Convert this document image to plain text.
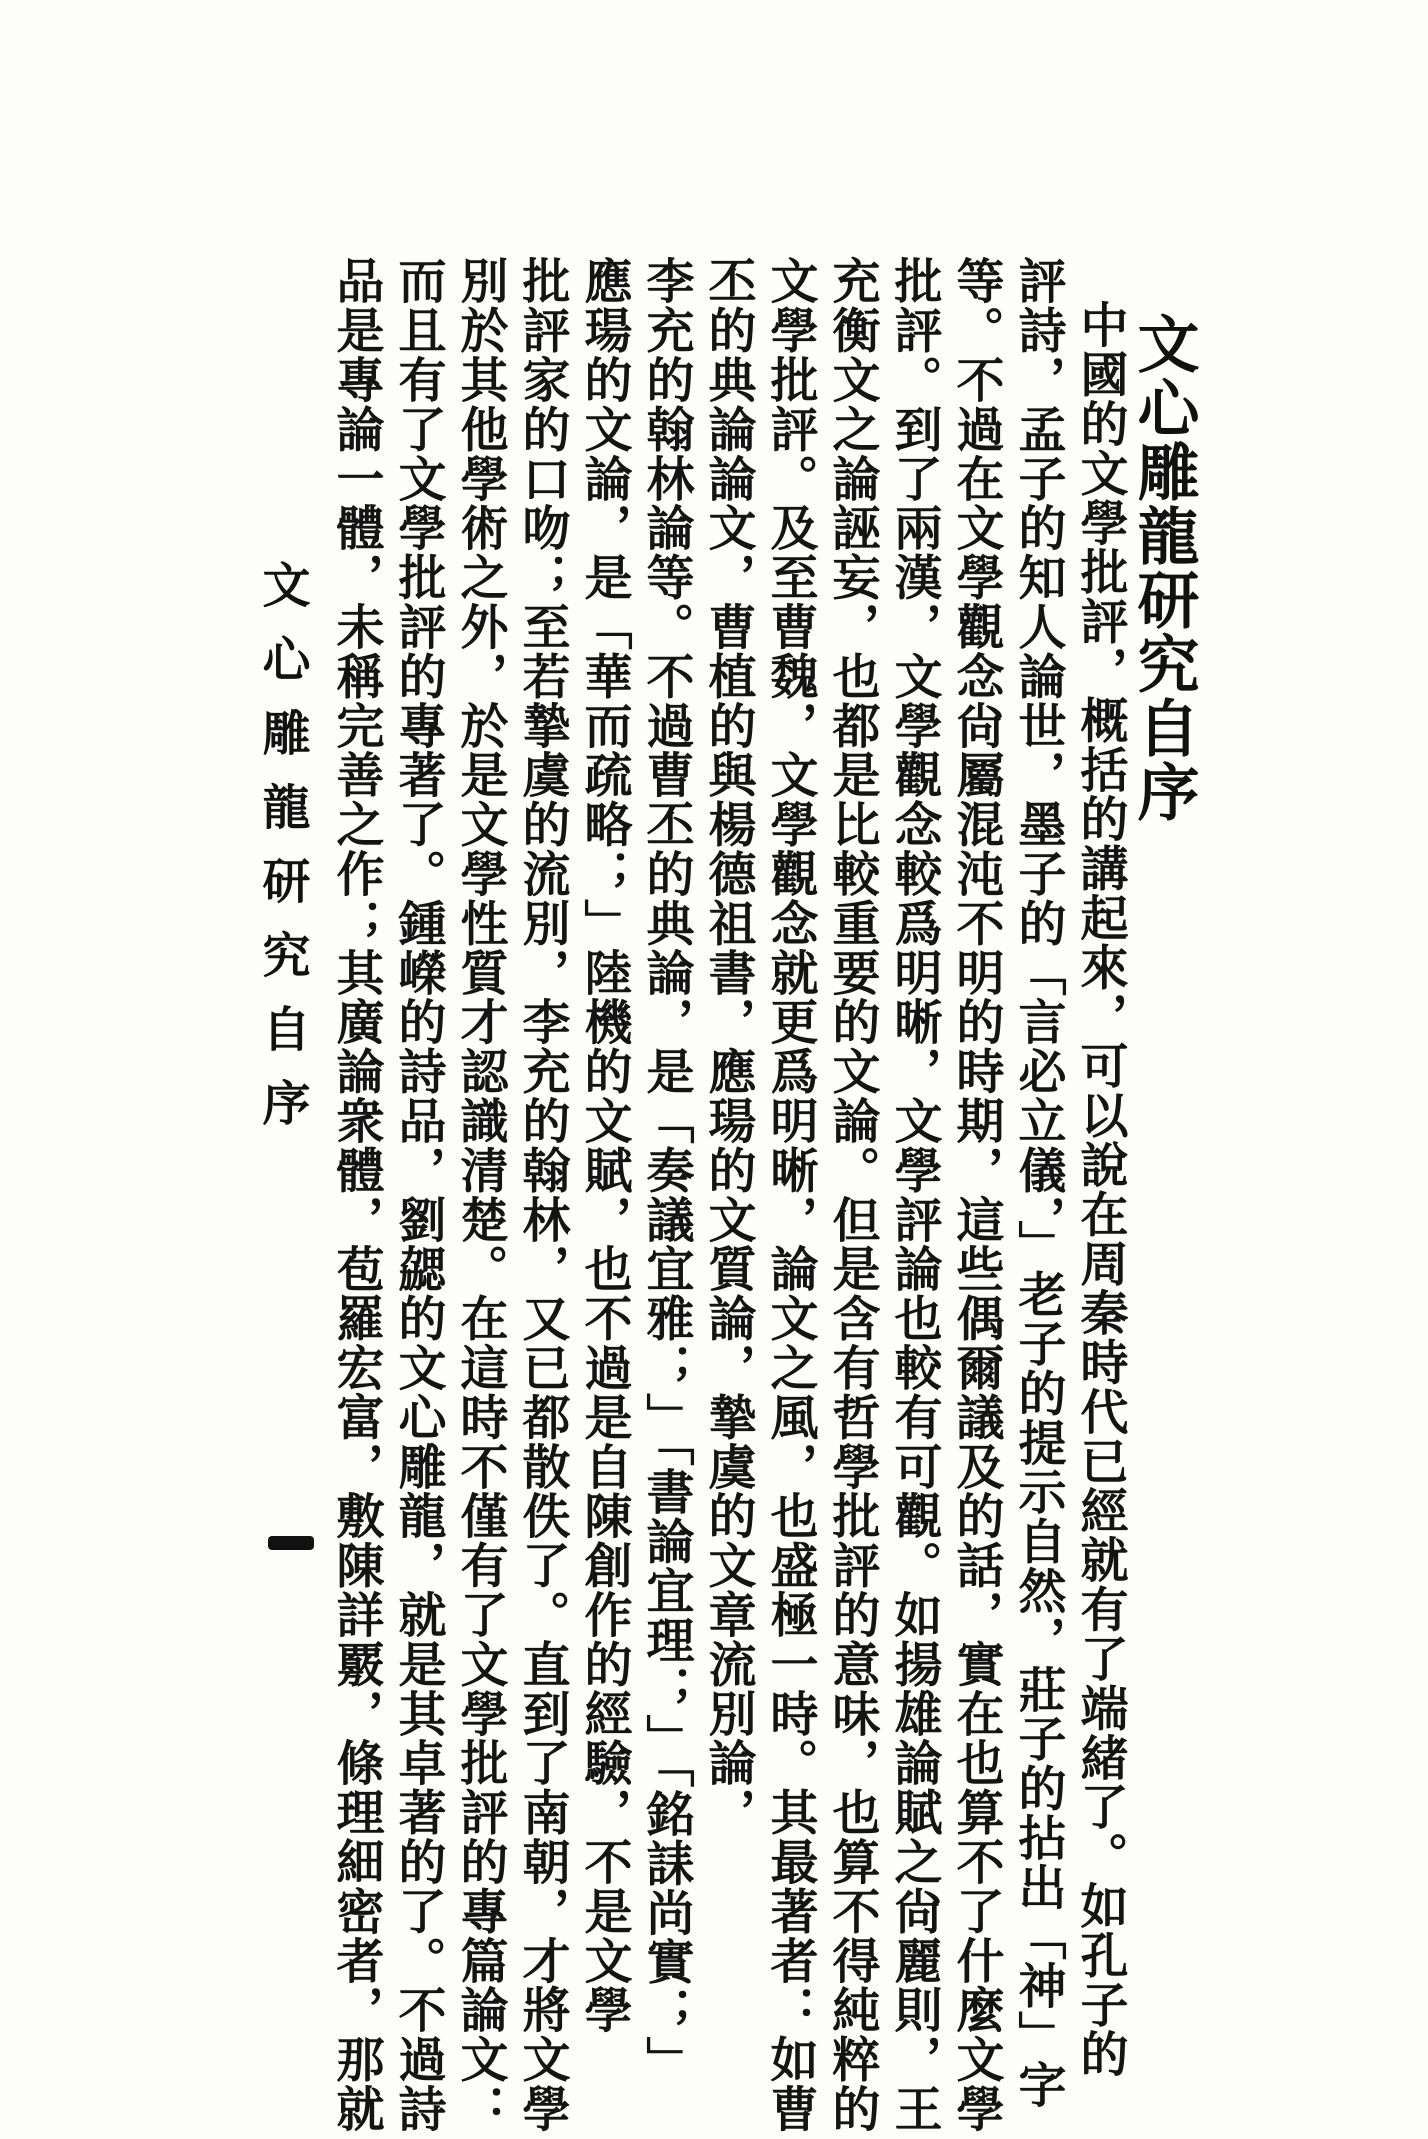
文心雕龍研究自序
中國的文學批評，概括的講起來，可以說在周秦時代已經就有了端緒了。如孔子的
評詩，孟子的知人論世，墨子的「言必立儀，」老子的提示自然，莊子的拈出「神」字
等。不過在文學觀念尙屬混沌不明的時期，這些偶爾議及的話，實在也算不了什麼文學
批評。到了兩漢，文學觀念較爲明晰，文學評論也較有可觀。如揚雄論賦之尙麗則，王
充衡文之論誣妄，也都是比較重要的文論。但是含有哲學批評的意味，也算不得純粹的
文學批評。及至曹魏，文學觀念就更爲明晰，論文之風，也盛極一時。其最著者：如曹
丕的典論論文，曹植的與楊德祖書，應瑒的文質論，摯虞的文章流別論，
李充的翰林論等。不過曹丕的典論，是「奏議宜雅；」「書論宜理；」「銘誄尚實；」
應瑒的文論，是「華而疏略；」陸機的文賦，也不過是自陳創作的經驗，不是文學
批評家的口吻；至若摯虞的流別，李充的翰林，又已都散佚了。直到了南朝，才將文學
別於其他學術之外，於是文學性質才認識清楚。在這時不僅有了文學批評的專篇論文：
而且有了文學批評的專著了。鍾嶸的詩品，劉勰的文心雕龍，就是其卓著的了。不過詩
品是專論一體，未稱完善之作；其廣論衆體，苞羅宏富，敷陳詳覈，條理細密者，那就
文心雕龍研究自序
